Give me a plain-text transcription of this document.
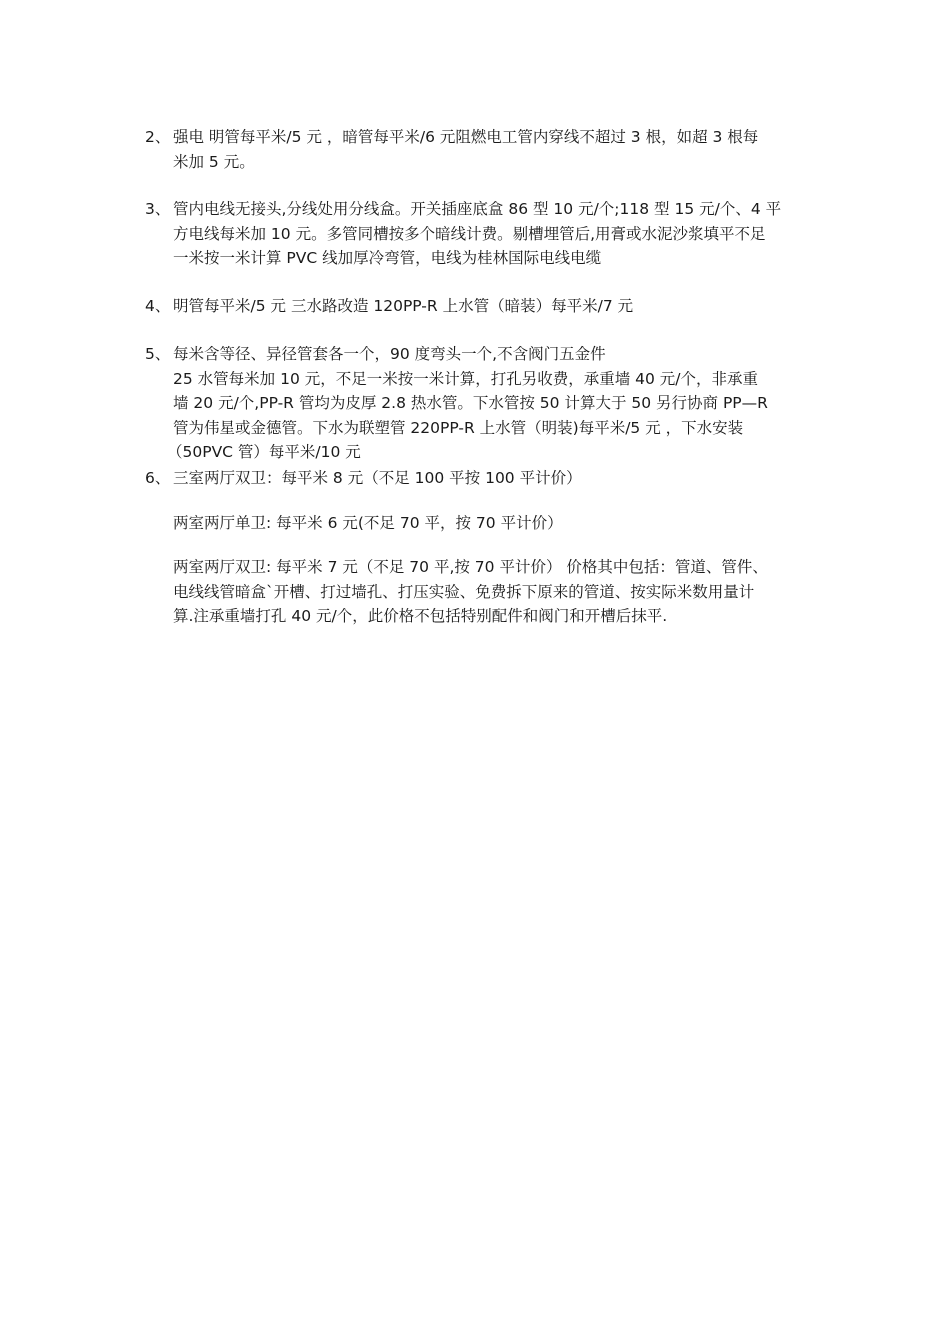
2、 强电 明管每平米/5 元 ，暗管每平米/6 元阻燃电工管内穿线不超过 3 根，如超 3 根每
米加 5 元。
3、 管内电线无接头,分线处用分线盒。开关插座底盒 86 型 10 元/个;118 型 15 元/个、4 平
方电线每米加 10 元。多管同槽按多个暗线计费。剔槽埋管后,用膏或水泥沙浆填平不足
一米按一米计算 PVC 线加厚冷弯管，电线为桂林国际电线电缆
4、 明管每平米/5 元 三水路改造 120PP-R 上水管（暗装）每平米/7 元
5、 每米含等径、异径管套各一个，90 度弯头一个,不含阀门五金件
25 水管每米加 10 元，不足一米按一米计算，打孔另收费，承重墙 40 元/个，非承重
墙 20 元/个,PP-R 管均为皮厚 2.8 热水管。下水管按 50 计算大于 50 另行协商 PP—R
管为伟星或金德管。下水为联塑管 220PP-R 上水管（明装)每平米/5 元 ，下水安装
（50PVC 管）每平米/10 元
6、 三室两厅双卫：每平米 8 元（不足 100 平按 100 平计价）
两室两厅单卫: 每平米 6 元(不足 70 平，按 70 平计价）
两室两厅双卫: 每平米 7 元（不足 70 平,按 70 平计价） 价格其中包括：管道、管件、
电线线管暗盒`开槽、打过墙孔、打压实验、免费拆下原来的管道、按实际米数用量计
算.注承重墙打孔 40 元/个，此价格不包括特别配件和阀门和开槽后抹平.
